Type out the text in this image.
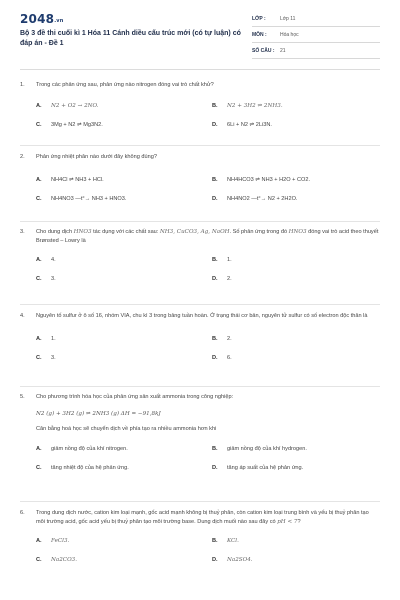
2048.vn
Bộ 3 đề thi cuối kì 1 Hóa 11 Cánh diều cấu trúc mới (có tự luận) có đáp án - Đề 1
LỚP :	Lớp 11
MÔN :	Hóa học
SỐ CÂU :	21
1.	Trong các phản ứng sau, phản ứng nào nitrogen đóng vai trò chất khử?
A.	N2 + O2 → 2NO.	B.	N2 + 3H2 ⇌ 2NH3.
C.	3Mg + N2 ⇌ Mg3N2.	D.	6Li + N2 ⇌ 2Li3N.
2.	Phản ứng nhiệt phân nào dưới đây không đúng?
A.	NH4Cl ⇌ NH3 + HCl.	B.	NH4HCO3 ⇌ NH3 + H2O + CO2.
C.	NH4NO3 —t°→ NH3 + HNO3.	D.	NH4NO2 —t°→ N2 + 2H2O.
3.	Cho dung dịch HNO3 tác dụng với các chất sau: NH3, CuCO3, Ag, NaOH. Số phản ứng trong đó HNO3 đóng vai trò acid theo thuyết Brønsted – Lowry là
A.	4.	B.	1.
C.	3.	D.	2.
4.	Nguyên tố sulfur ở ô số 16, nhóm VIA, chu kì 3 trong bảng tuần hoàn. Ở trạng thái cơ bản, nguyên tử sulfur có số electron độc thân là
A.	1.	B.	2.
C.	3.	D.	6.
5.	Cho phương trình hóa học của phản ứng sản xuất ammonia trong công nghiệp:
N2 (g) + 3H2 (g) ⇌ 2NH3 (g) ΔH = −91,8kJ
Cân bằng hoá học sẽ chuyển dịch về phía tạo ra nhiều ammonia hơn khi
A.	giảm nồng độ của khí nitrogen.	B.	giảm nồng độ của khí hydrogen.
C.	tăng nhiệt độ của hệ phản ứng.	D.	tăng áp suất của hệ phản ứng.
6.	Trong dung dịch nước, cation kim loại mạnh, gốc acid mạnh không bị thuỷ phân, còn cation kim loại trung bình và yếu bị thuỷ phân tạo môi trường acid, gốc acid yếu bị thuỷ phân tạo môi trường base. Dung dịch muối nào sau đây có pH < 7?
A.	FeCl3.	B.	KCl.
C.	Na2CO3.	D.	Na2SO4.
